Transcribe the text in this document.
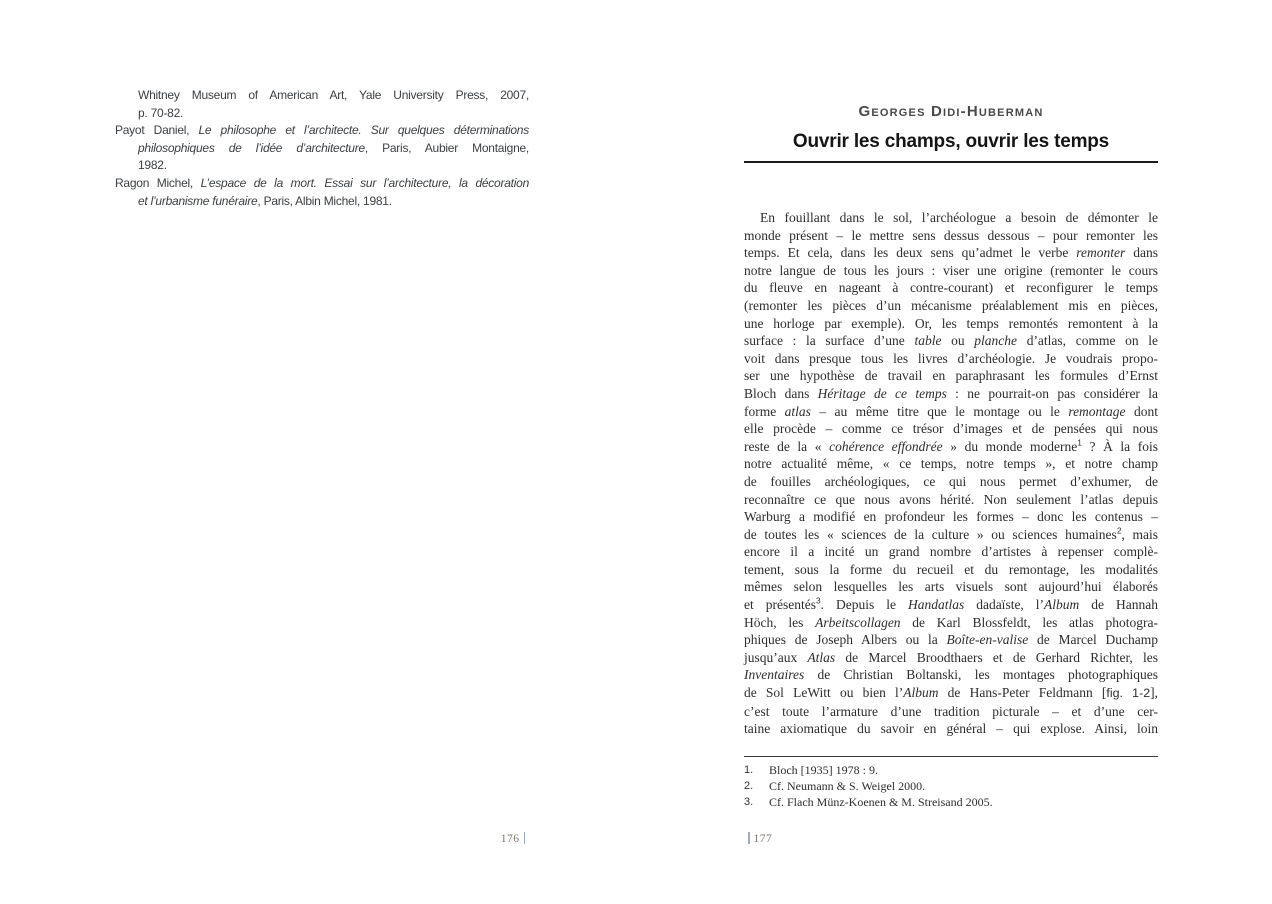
Whitney Museum of American Art, Yale University Press, 2007,
p. 70-82.
Payot Daniel, Le philosophe et l’architecte. Sur quelques déterminations
philosophiques de l’idée d’architecture, Paris, Aubier Montaigne,
1982.
Ragon Michel, L’espace de la mort. Essai sur l’architecture, la décoration
et l’urbanisme funéraire, Paris, Albin Michel, 1981.
176
Georges Didi-Huberman
Ouvrir les champs, ouvrir les temps
En fouillant dans le sol, l’archéologue a besoin de démonter le
monde présent – le mettre sens dessus dessous – pour remonter les
temps. Et cela, dans les deux sens qu’admet le verbe remonter dans
notre langue de tous les jours : viser une origine (remonter le cours
du fleuve en nageant à contre-courant) et reconfigurer le temps
(remonter les pièces d’un mécanisme préalablement mis en pièces,
une horloge par exemple). Or, les temps remontés remontent à la
surface : la surface d’une table ou planche d’atlas, comme on le
voit dans presque tous les livres d’archéologie. Je voudrais propo-
ser une hypothèse de travail en paraphrasant les formules d’Ernst
Bloch dans Héritage de ce temps : ne pourrait-on pas considérer la
forme atlas – au même titre que le montage ou le remontage dont
elle procède – comme ce trésor d’images et de pensées qui nous
reste de la « cohérence effondrée » du monde moderne$^1$ ? À la fois
notre actualité même, « ce temps, notre temps », et notre champ
de fouilles archéologiques, ce qui nous permet d’exhumer, de
reconnaître ce que nous avons hérité. Non seulement l’atlas depuis
Warburg a modifié en profondeur les formes – donc les contenus –
de toutes les « sciences de la culture » ou sciences humaines$^2$, mais
encore il a incité un grand nombre d’artistes à repenser complè-
tement, sous la forme du recueil et du remontage, les modalités
mêmes selon lesquelles les arts visuels sont aujourd’hui élaborés
et présentés$^3$. Depuis le Handatlas dadaïste, l’Album de Hannah
Höch, les Arbeitscollagen de Karl Blossfeldt, les atlas photogra-
phiques de Joseph Albers ou la Boîte-en-valise de Marcel Duchamp
jusqu’aux Atlas de Marcel Broodthaers et de Gerhard Richter, les
Inventaires de Christian Boltanski, les montages photographiques
de Sol LeWitt ou bien l’Album de Hans-Peter Feldmann [fig. 1-2],
c’est toute l’armature d’une tradition picturale – et d’une cer-
taine axiomatique du savoir en général – qui explose. Ainsi, loin
1.	Bloch [1935] 1978 : 9.
2.	Cf. Neumann & S. Weigel 2000.
3.	Cf. Flach Münz-Koenen & M. Streisand 2005.
177
